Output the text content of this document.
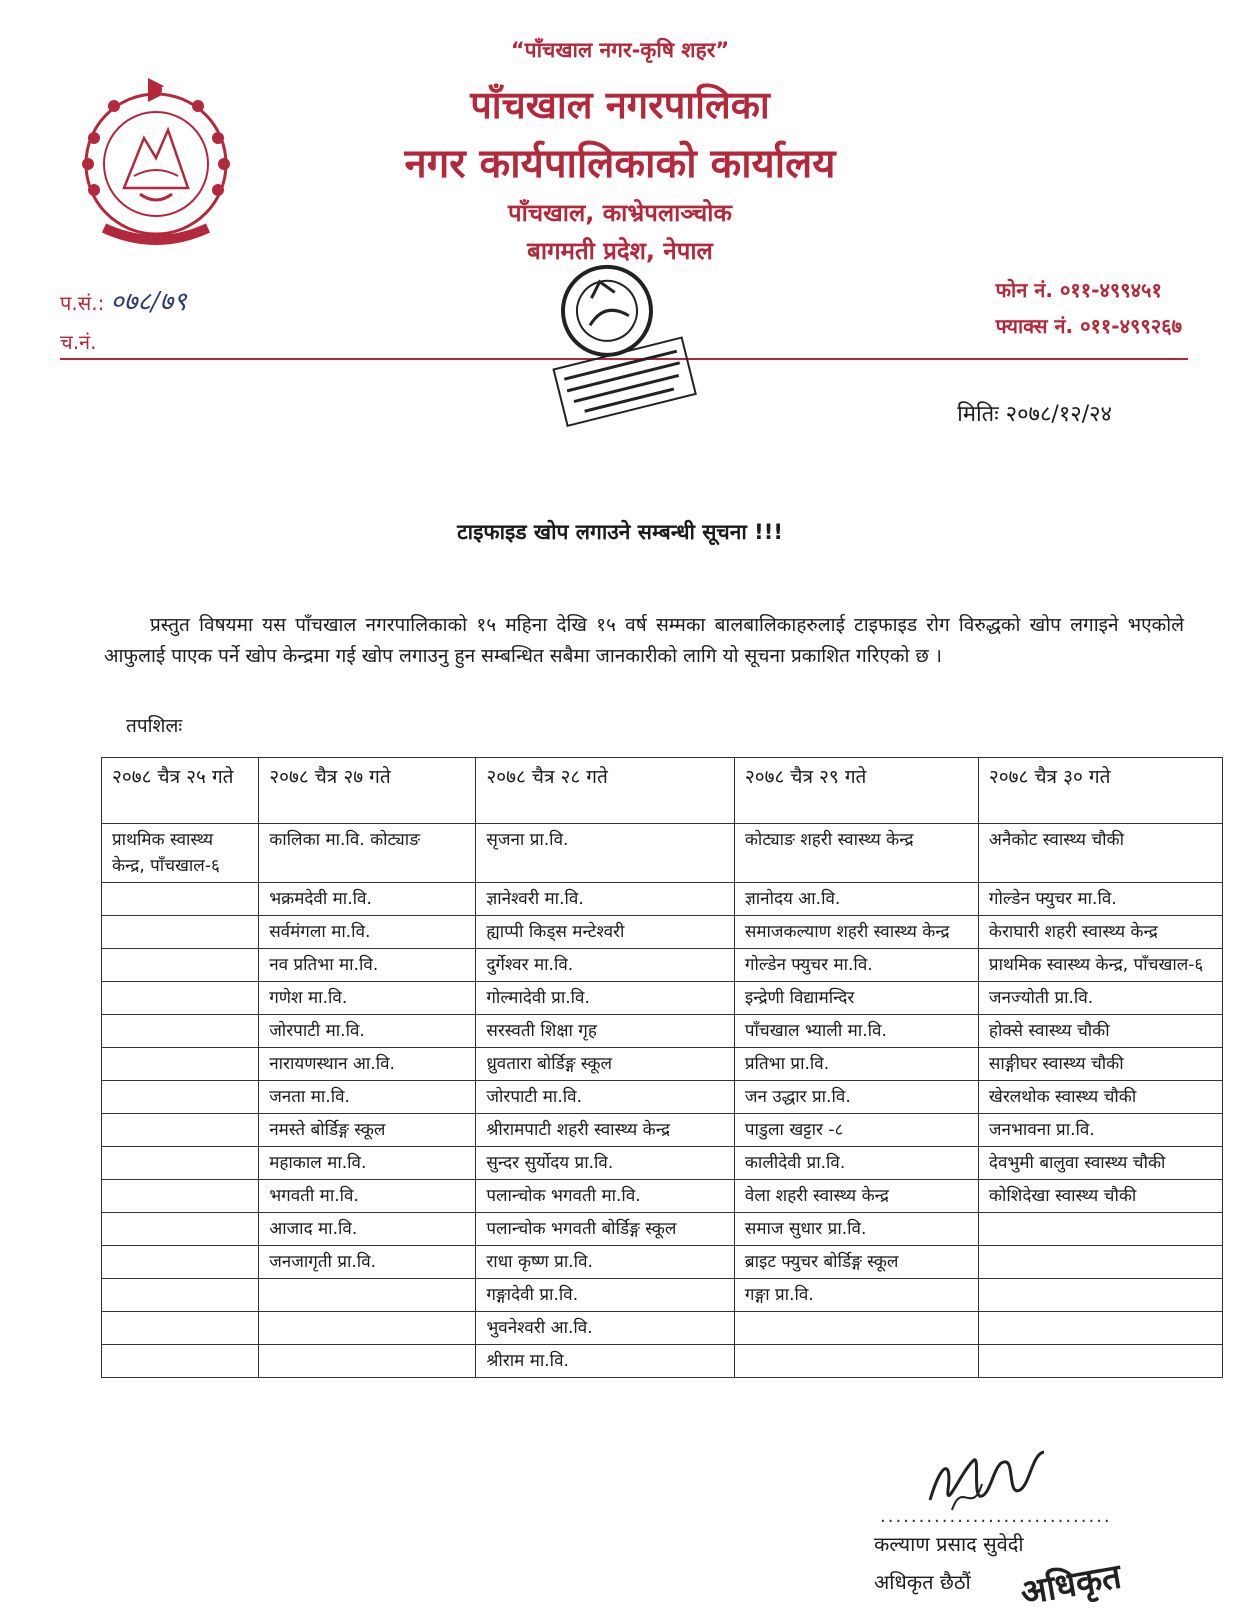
“पाँचखाल नगर-कृषि शहर”
पाँचखाल नगरपालिका
नगर कार्यपालिकाको कार्यालय
पाँचखाल, काभ्रेपलाञ्चोक
बागमती प्रदेश, नेपाल
प.सं.: ०७८/७९
च.नं.
फोन नं. ०११-४९९४५१
फ्याक्स नं. ०११-४९९२६७
मितिः २०७८/१२/२४
टाइफाइड खोप लगाउने सम्बन्धी सूचना !!!
प्रस्तुत विषयमा यस पाँचखाल नगरपालिकाको १५ महिना देखि १५ वर्ष सम्मका बालबालिकाहरुलाई टाइफाइड रोग विरुद्धको खोप लगाइने भएकोले आफुलाई पाएक पर्ने खोप केन्द्रमा गई खोप लगाउनु हुन सम्बन्धित सबैमा जानकारीको लागि यो सूचना प्रकाशित गरिएको छ ।
तपशिलः
२०७८ चैत्र २५ गते	२०७८ चैत्र २७ गते	२०७८ चैत्र २८ गते	२०७८ चैत्र २९ गते	२०७८ चैत्र ३० गते
प्राथमिक स्वास्थ्य केन्द्र, पाँचखाल-६	कालिका मा.वि. कोट्याङ	सृजना प्रा.वि.	कोट्याङ शहरी स्वास्थ्य केन्द्र	अनैकोट स्वास्थ्य चौकी
	भक्रमदेवी मा.वि.	ज्ञानेश्वरी मा.वि.	ज्ञानोदय आ.वि.	गोल्डेन फ्युचर मा.वि.
	सर्वमंगला मा.वि.	ह्याप्पी किड्स मन्टेश्वरी	समाजकल्याण शहरी स्वास्थ्य केन्द्र	केराघारी शहरी स्वास्थ्य केन्द्र
	नव प्रतिभा मा.वि.	दुर्गेश्वर मा.वि.	गोल्डेन फ्युचर मा.वि.	प्राथमिक स्वास्थ्य केन्द्र, पाँचखाल-६
	गणेश मा.वि.	गोल्मादेवी प्रा.वि.	इन्द्रेणी विद्यामन्दिर	जनज्योती प्रा.वि.
	जोरपाटी मा.वि.	सरस्वती शिक्षा गृह	पाँचखाल भ्याली मा.वि.	होक्से स्वास्थ्य चौकी
	नारायणस्थान आ.वि.	ध्रुवतारा बोर्डिङ्ग स्कूल	प्रतिभा प्रा.वि.	साङ्गीघर स्वास्थ्य चौकी
	जनता मा.वि.	जोरपाटी मा.वि.	जन उद्धार प्रा.वि.	खेरलथोक स्वास्थ्य चौकी
	नमस्ते बोर्डिङ्ग स्कूल	श्रीरामपाटी शहरी स्वास्थ्य केन्द्र	पाडुला खट्टार -८	जनभावना प्रा.वि.
	महाकाल मा.वि.	सुन्दर सुर्योदय प्रा.वि.	कालीदेवी प्रा.वि.	देवभुमी बालुवा स्वास्थ्य चौकी
	भगवती मा.वि.	पलान्चोक भगवती मा.वि.	वेला शहरी स्वास्थ्य केन्द्र	कोशिदेखा स्वास्थ्य चौकी
	आजाद मा.वि.	पलान्चोक भगवती बोर्डिङ्ग स्कूल	समाज सुधार प्रा.वि.	
	जनजागृती प्रा.वि.	राधा कृष्ण प्रा.वि.	ब्राइट फ्युचर बोर्डिङ्ग स्कूल	
		गङ्गादेवी प्रा.वि.	गङ्गा प्रा.वि.	
		भुवनेश्वरी आ.वि.		
		श्रीराम मा.वि.		
..............................
कल्याण प्रसाद सुवेदी
अधिकृत छैठौं अधिकृत
